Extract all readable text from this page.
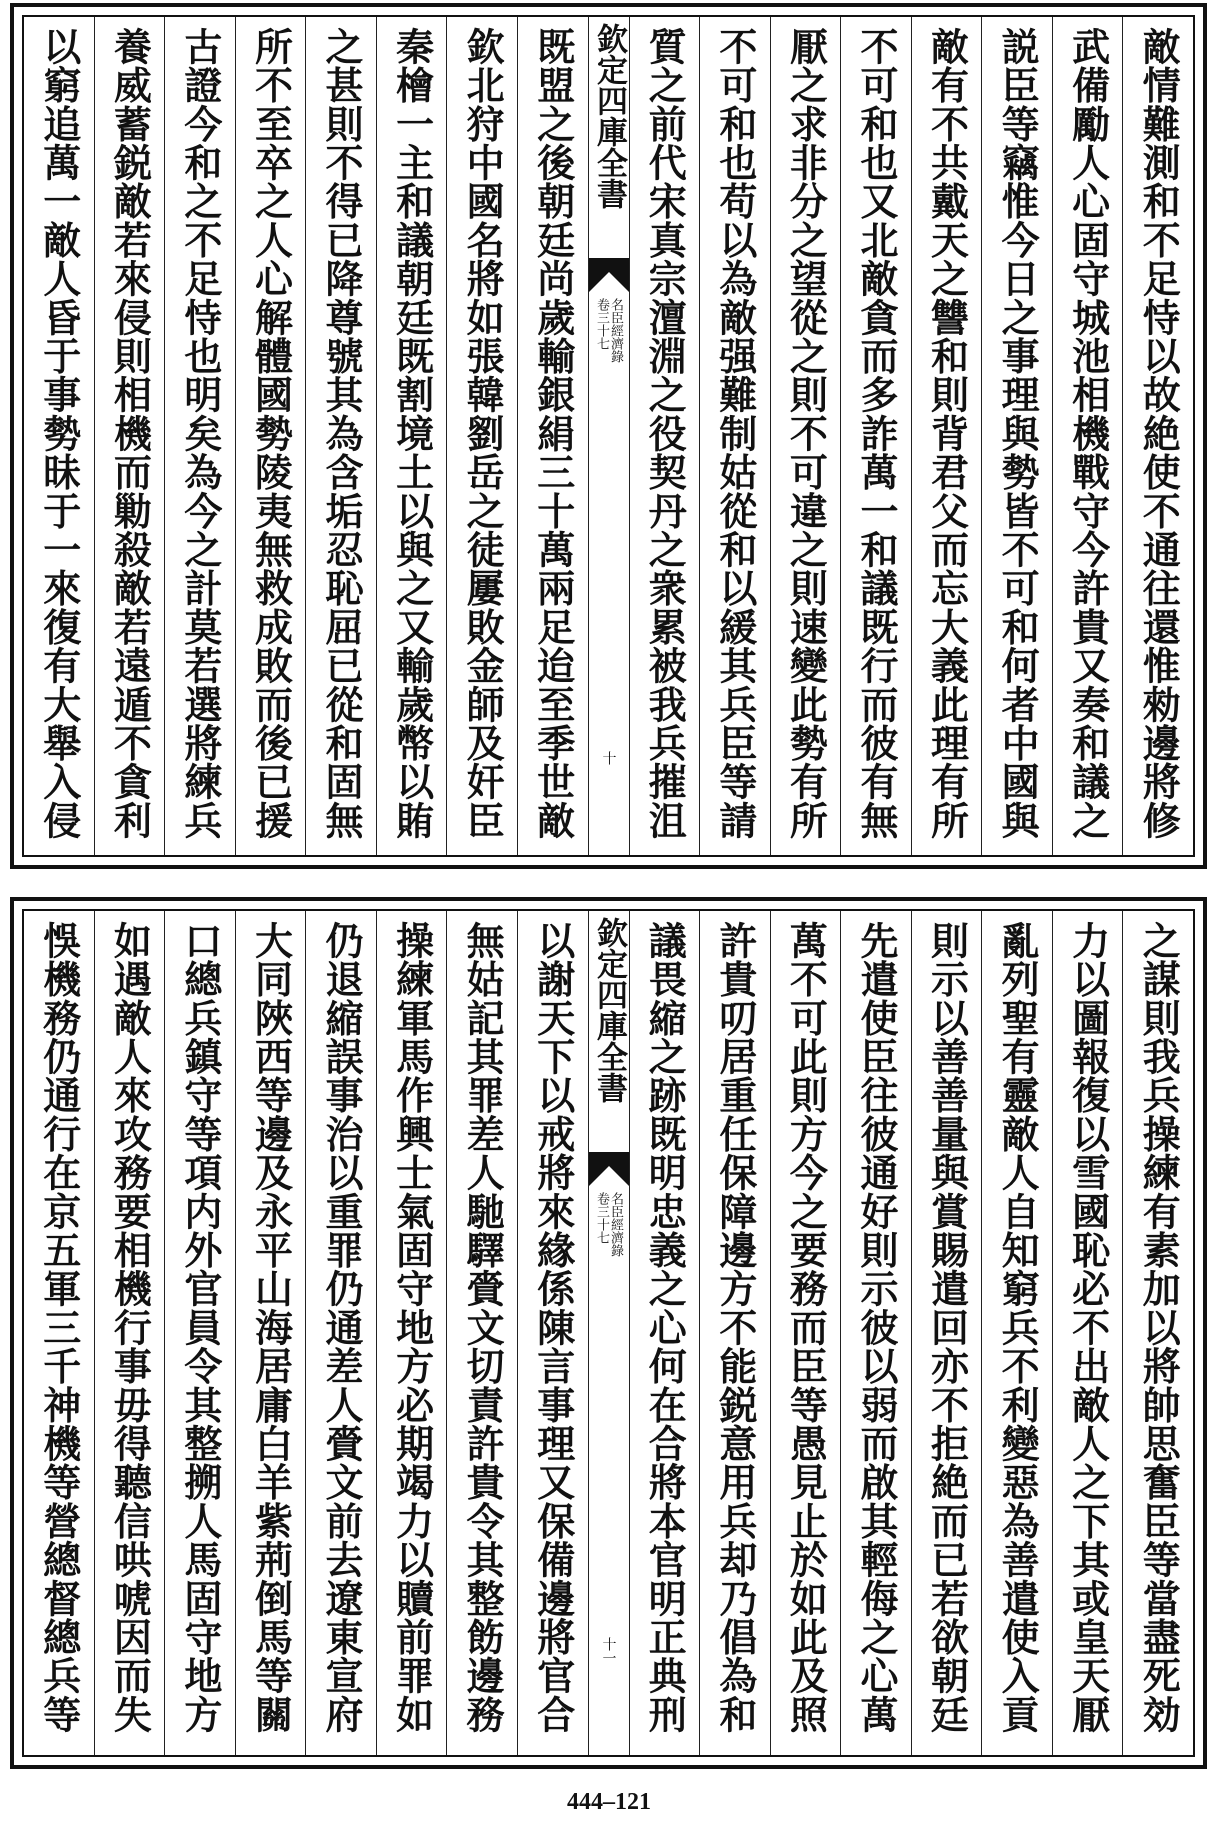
敵情難測和不足恃以故絶使不通往還惟勑邊將修
武備勵人心固守城池相機戰守今許貴又奏和議之
説臣等竊惟今日之事理與勢皆不可和何者中國與
敵有不共戴天之讐和則背君父而忘大義此理有所
不可和也又北敵貪而多詐萬一和議既行而彼有無
厭之求非分之望從之則不可違之則速變此勢有所
不可和也苟以為敵强難制姑從和以緩其兵臣等請
質之前代宋真宗澶淵之役契丹之衆累被我兵摧沮
欽定四庫全書
名臣經濟錄
卷三十七
十
既盟之後朝廷尚歲輸銀絹三十萬兩足迨至季世敵
欽北狩中國名將如張韓劉岳之徒屢敗金師及奸臣
秦檜一主和議朝廷既割境土以與之又輸歲幣以賄
之甚則不得已降尊號其為含垢忍恥屈已從和固無
所不至卒之人心解體國勢陵夷無救成敗而後已援
古證今和之不足恃也明矣為今之計莫若選將練兵
養威蓄鋭敵若來侵則相機而勦殺敵若遠遁不貪利
以窮追萬一敵人昏于事勢昧于一來復有大舉入侵
之謀則我兵操練有素加以將帥思奮臣等當盡死効
力以圖報復以雪國恥必不出敵人之下其或皇天厭
亂列聖有靈敵人自知窮兵不利變惡為善遣使入貢
則示以善善量與賞賜遣回亦不拒絶而已若欲朝廷
先遣使臣往彼通好則示彼以弱而啟其輕侮之心萬
萬不可此則方今之要務而臣等愚見止於如此及照
許貴叨居重任保障邊方不能鋭意用兵却乃倡為和
議畏縮之跡既明忠義之心何在合將本官明正典刑
欽定四庫全書
名臣經濟錄
卷三十七
十一
以謝天下以戒將來緣係陳言事理又保備邊將官合
無姑記其罪差人馳驛賫文切責許貴令其整飭邊務
操練軍馬作興士氣固守地方必期竭力以贖前罪如
仍退縮誤事治以重罪仍通差人賫文前去遼東宣府
大同陜西等邊及永平山海居庸白羊紫荊倒馬等關
口總兵鎮守等項内外官員令其整搠人馬固守地方
如遇敵人來攻務要相機行事毋得聽信哄唬因而失
悞機務仍通行在京五軍三千神機等營總督總兵等
444–121
